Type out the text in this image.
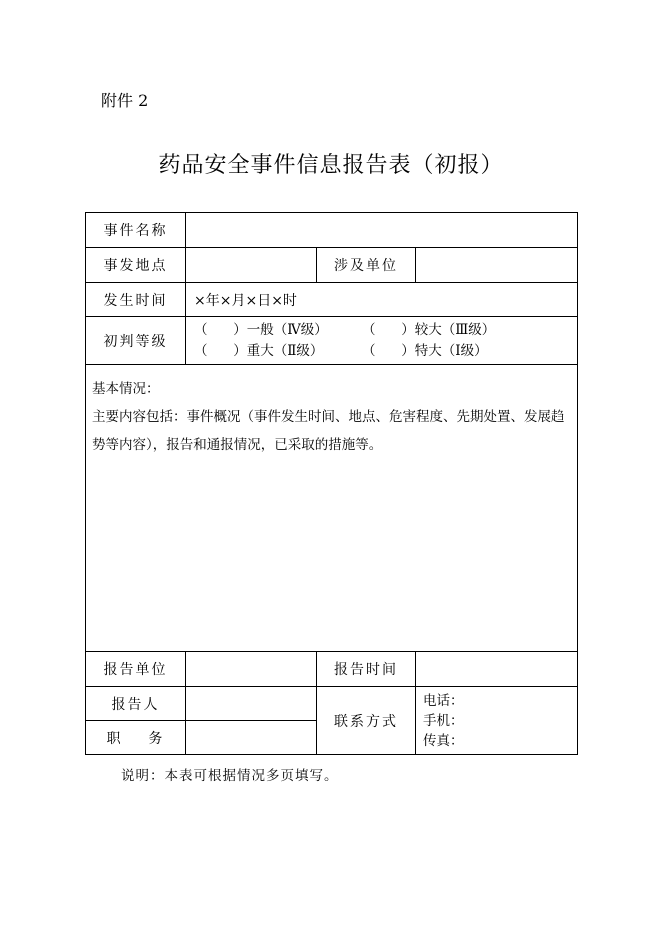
附件 2
药品安全事件信息报告表（初报）
事件名称			
事发地点		涉及单位	
发生时间	×年×月×日×时		
初判等级	（      ）一般（Ⅳ级） （      ）较大（Ⅲ级）
（      ）重大（Ⅱ级） （      ）特大（Ⅰ级）		

基本情况：
主要内容包括：事件概况（事件发生时间、地点、危害程度、先期处置、发展趋势等内容），报告和通报情况，已采取的措施等。			

报告单位		报告时间	
报告人		联系方式	电话：
手机：
传真：

职    务			
说明：本表可根据情况多页填写。
